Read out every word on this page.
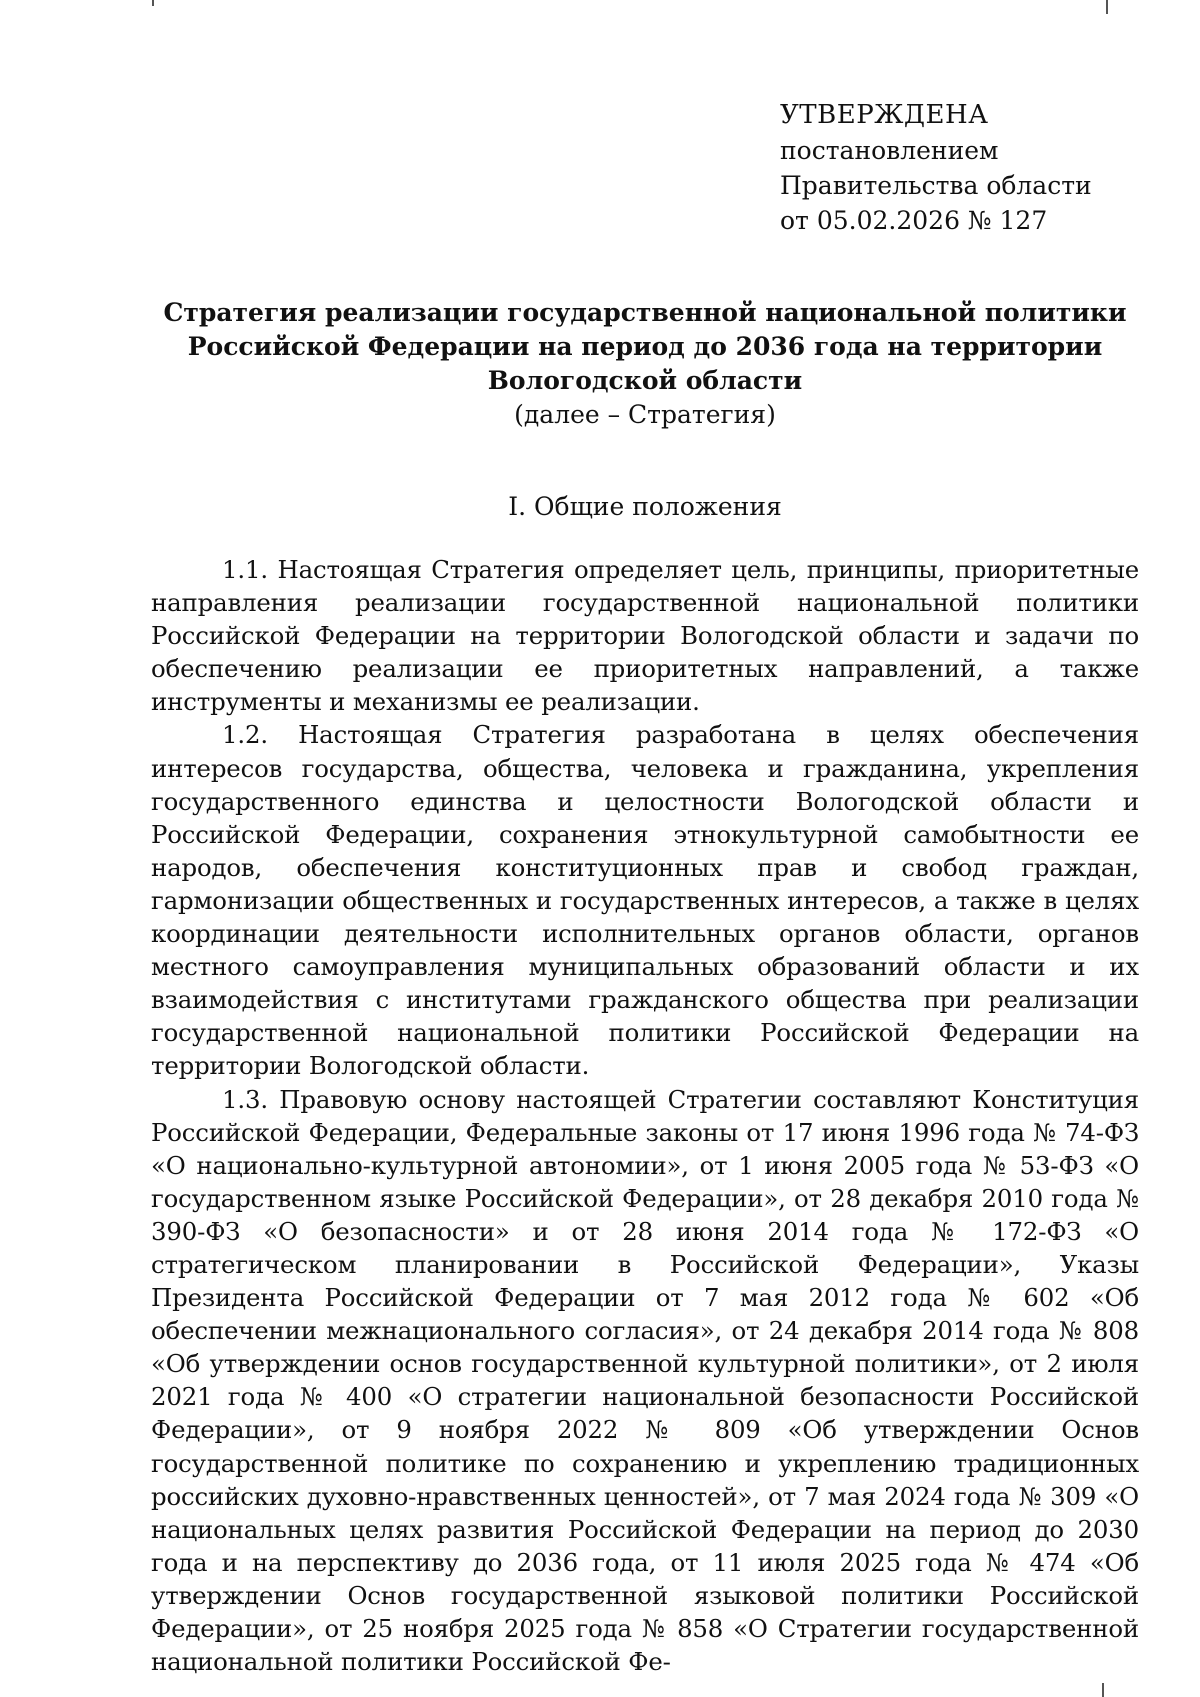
УТВЕРЖДЕНА
постановлением
Правительства области
от 05.02.2026 № 127
Стратегия реализации государственной национальной политики
Российской Федерации на период до 2036 года на территории
Вологодской области
(далее – Стратегия)
I. Общие положения

1.1. Настоящая Стратегия определяет цель, принципы, приоритетные направления реализации государственной национальной политики Российской Федерации на территории Вологодской области и задачи по обеспечению реализации ее приоритетных направлений, а также инструменты и механизмы ее реализации.

1.2. Настоящая Стратегия разработана в целях обеспечения интересов государства, общества, человека и гражданина, укрепления государственного единства и целостности Вологодской области и Российской Федерации, сохранения этнокультурной самобытности ее народов, обеспечения конституционных прав и свобод граждан, гармонизации общественных и государственных интересов, а также в целях координации деятельности исполнительных органов области, органов местного самоуправления муниципальных образований области и их взаимодействия с институтами гражданского общества при реализации государственной национальной политики Российской Федерации на территории Вологодской области.

1.3. Правовую основу настоящей Стратегии составляют Конституция Российской Федерации, Федеральные законы от 17 июня 1996 года № 74-ФЗ «О национально-культурной автономии», от 1 июня 2005 года № 53-ФЗ «О государственном языке Российской Федерации», от 28 декабря 2010 года № 390-ФЗ «О безопасности» и от 28 июня 2014 года № 172-ФЗ «О стратегическом планировании в Российской Федерации», Указы Президента Российской Федерации от 7 мая 2012 года № 602 «Об обеспечении межнационального согласия», от 24 декабря 2014 года № 808 «Об утверждении основ государственной культурной политики», от 2 июля 2021 года № 400 «О стратегии национальной безопасности Российской Федерации», от 9 ноября 2022 № 809 «Об утверждении Основ государственной политике по сохранению и укреплению традиционных российских духовно-нравственных ценностей», от 7 мая 2024 года № 309 «О национальных целях развития Российской Федерации на период до 2030 года и на перспективу до 2036 года, от 11 июля 2025 года № 474 «Об утверждении Основ государственной языковой политики Российской Федерации», от 25 ноября 2025 года № 858 «О Стратегии государственной национальной политики Российской Фе-
